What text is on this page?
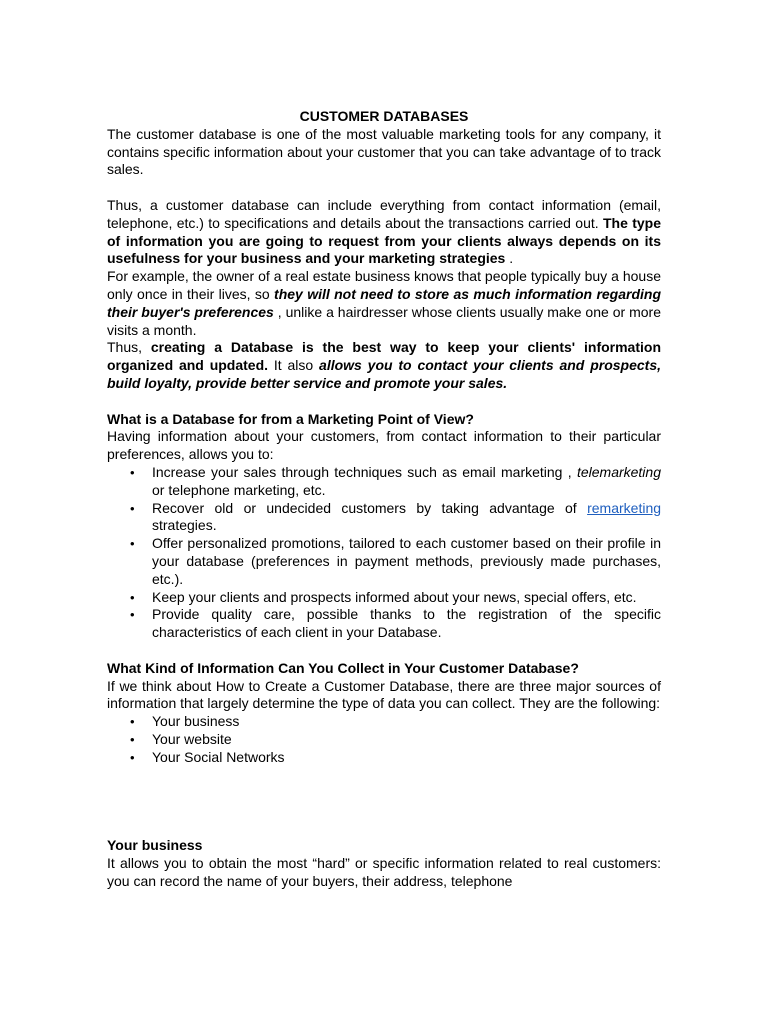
CUSTOMER DATABASES

The customer database is one of the most valuable marketing tools for any company, it contains specific information about your customer that you can take advantage of to track sales.

Thus, a customer database can include everything from contact information (email, telephone, etc.) to specifications and details about the transactions carried out. The type of information you are going to request from your clients always depends on its usefulness for your business and your marketing strategies .

For example, the owner of a real estate business knows that people typically buy a house only once in their lives, so they will not need to store as much information regarding their buyer's preferences , unlike a hairdresser whose clients usually make one or more visits a month.

Thus, creating a Database is the best way to keep your clients' information organized and updated. It also allows you to contact your clients and prospects, build loyalty, provide better service and promote your sales.

What is a Database for from a Marketing Point of View?

Having information about your customers, from contact information to their particular preferences, allows you to:

• Increase your sales through techniques such as email marketing , telemarketing or telephone marketing, etc.
• Recover old or undecided customers by taking advantage of remarketing strategies.
• Offer personalized promotions, tailored to each customer based on their profile in your database (preferences in payment methods, previously made purchases, etc.).
• Keep your clients and prospects informed about your news, special offers, etc.
• Provide quality care, possible thanks to the registration of the specific characteristics of each client in your Database.

What Kind of Information Can You Collect in Your Customer Database?

If we think about How to Create a Customer Database, there are three major sources of information that largely determine the type of data you can collect. They are the following:

• Your business
• Your website
• Your Social Networks

Your business

It allows you to obtain the most “hard” or specific information related to real customers: you can record the name of your buyers, their address, telephone
